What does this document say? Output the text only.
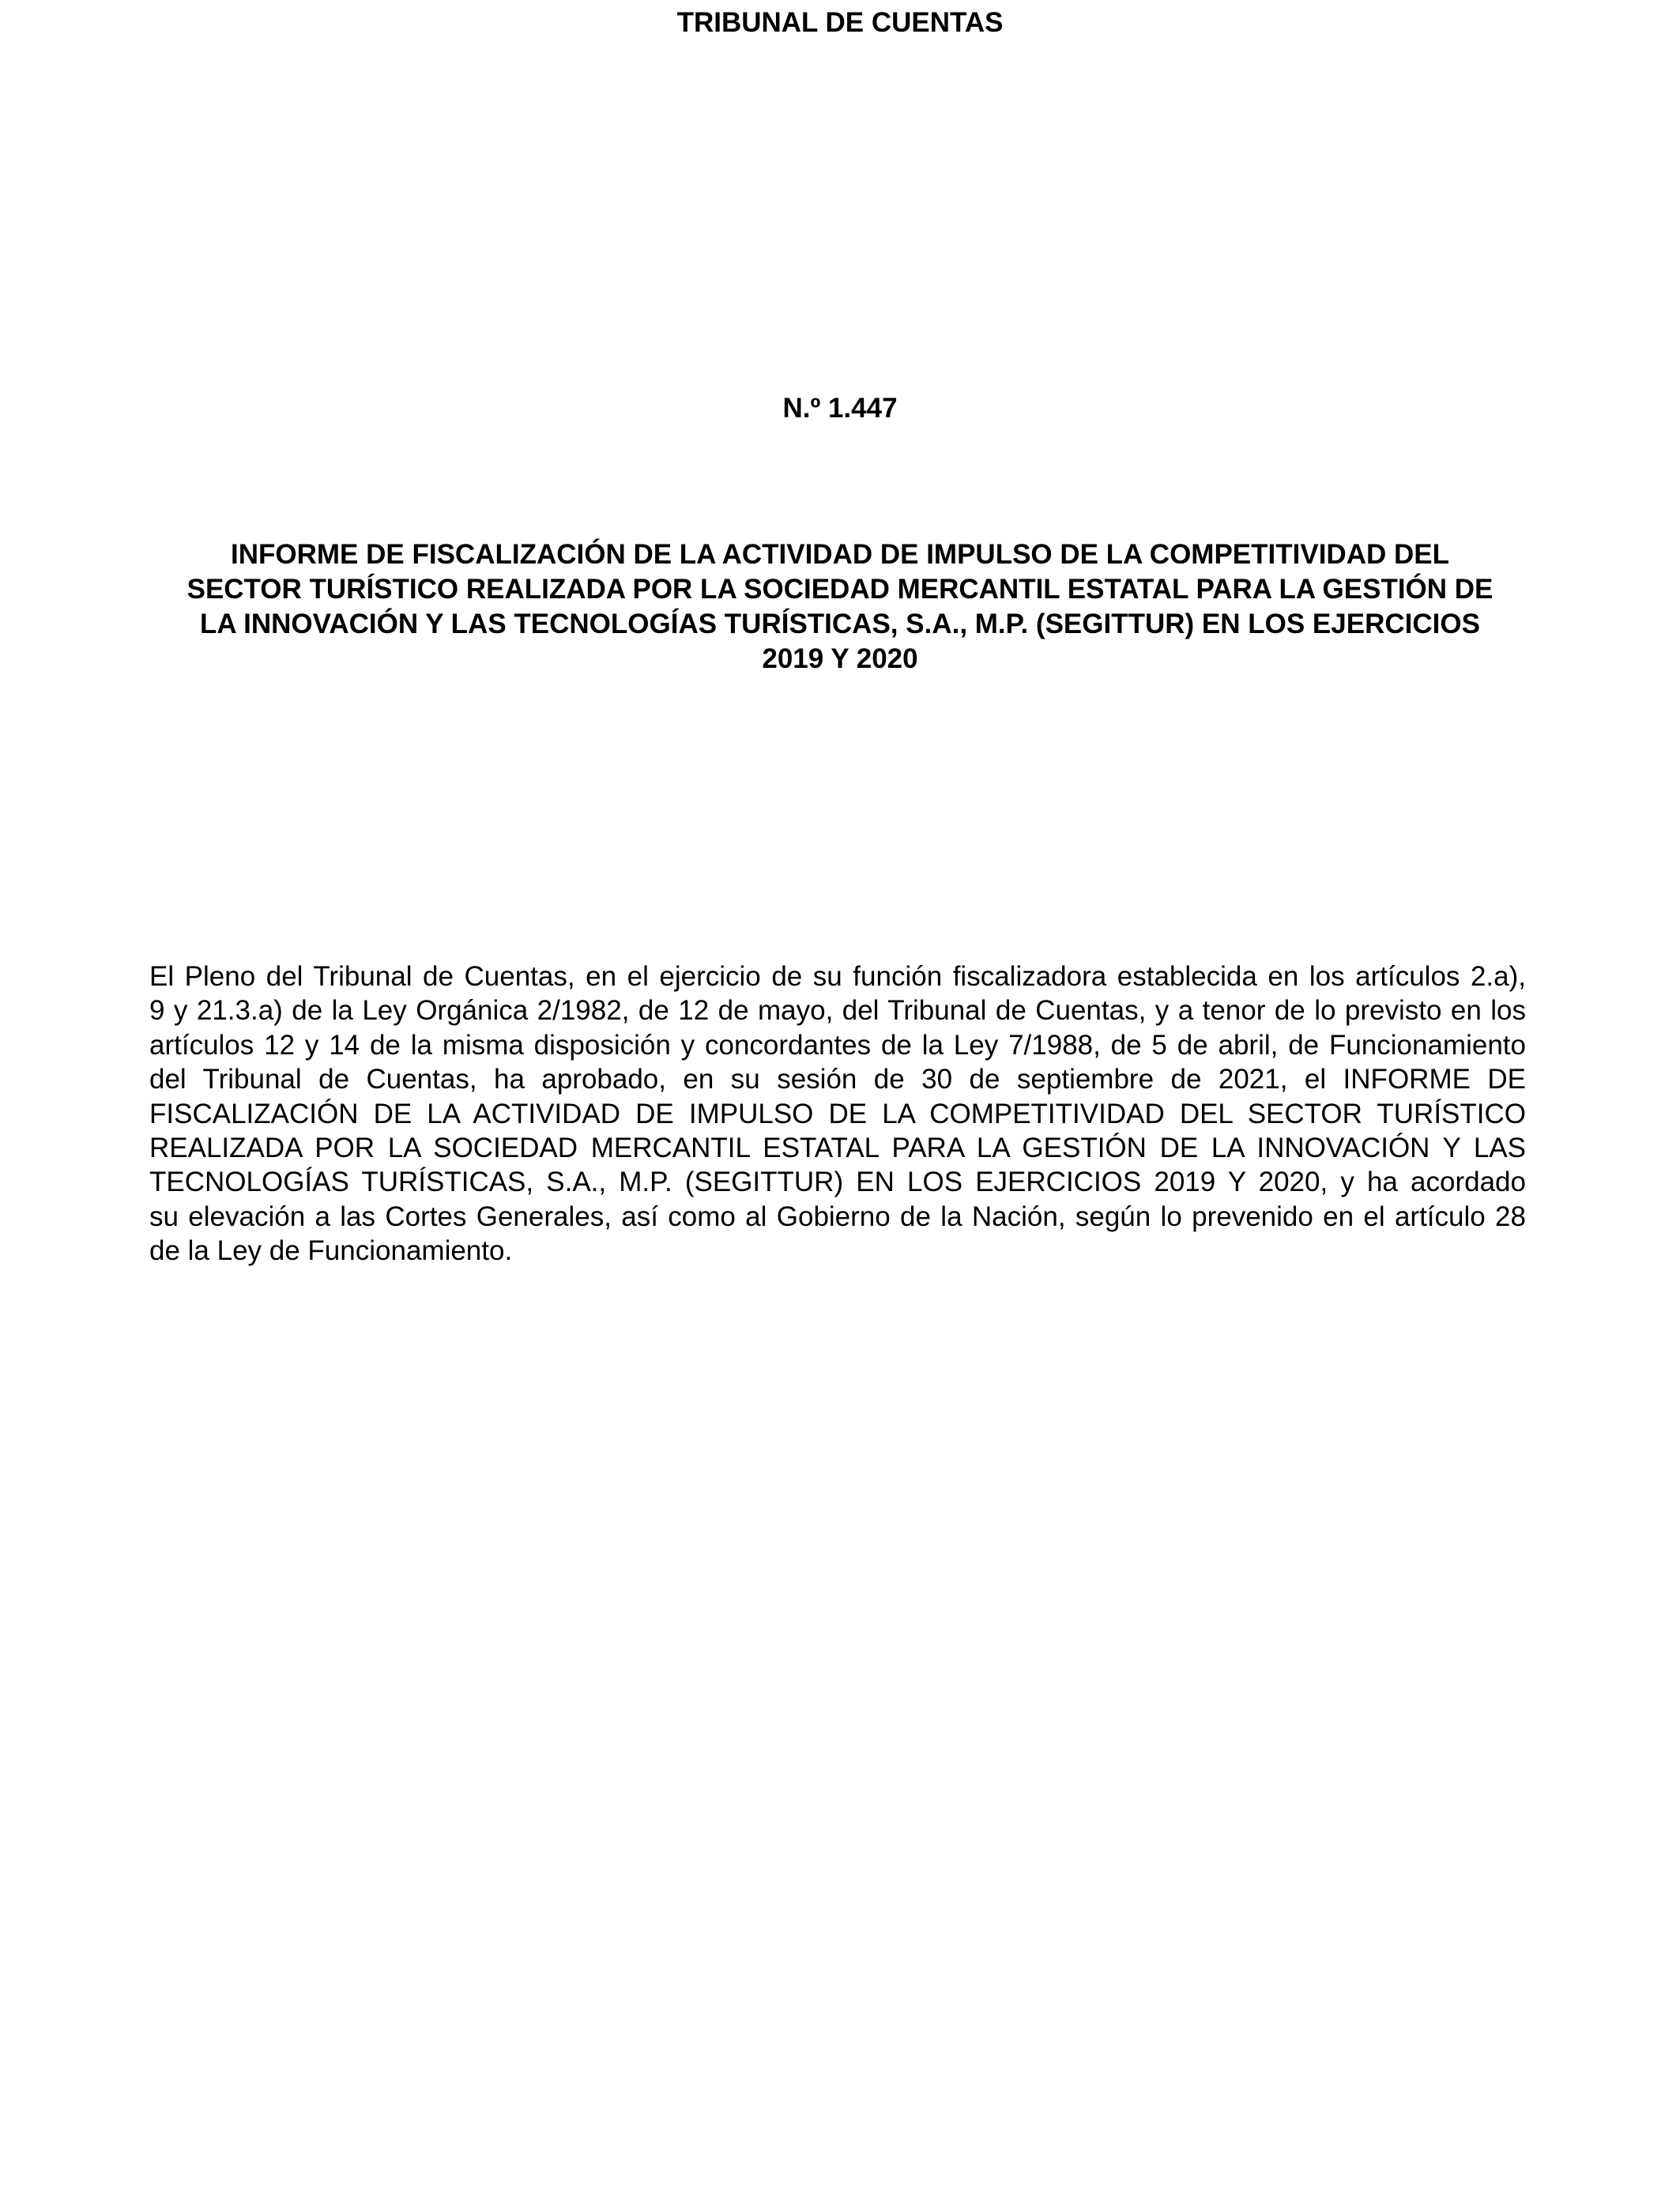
TRIBUNAL DE CUENTAS
N.º 1.447
INFORME DE FISCALIZACIÓN DE LA ACTIVIDAD DE IMPULSO DE LA COMPETITIVIDAD DEL
SECTOR TURÍSTICO REALIZADA POR LA SOCIEDAD MERCANTIL ESTATAL PARA LA GESTIÓN DE
LA INNOVACIÓN Y LAS TECNOLOGÍAS TURÍSTICAS, S.A., M.P. (SEGITTUR) EN LOS EJERCICIOS
2019 Y 2020
El Pleno del Tribunal de Cuentas, en el ejercicio de su función fiscalizadora establecida en los artículos 2.a),
9 y 21.3.a) de la Ley Orgánica 2/1982, de 12 de mayo, del Tribunal de Cuentas, y a tenor de lo previsto en los
artículos 12 y 14 de la misma disposición y concordantes de la Ley 7/1988, de 5 de abril, de Funcionamiento
del Tribunal de Cuentas, ha aprobado, en su sesión de 30 de septiembre de 2021, el INFORME DE
FISCALIZACIÓN DE LA ACTIVIDAD DE IMPULSO DE LA COMPETITIVIDAD DEL SECTOR TURÍSTICO
REALIZADA POR LA SOCIEDAD MERCANTIL ESTATAL PARA LA GESTIÓN DE LA INNOVACIÓN Y LAS
TECNOLOGÍAS TURÍSTICAS, S.A., M.P. (SEGITTUR) EN LOS EJERCICIOS 2019 Y 2020, y ha acordado
su elevación a las Cortes Generales, así como al Gobierno de la Nación, según lo prevenido en el artículo 28
de la Ley de Funcionamiento.
